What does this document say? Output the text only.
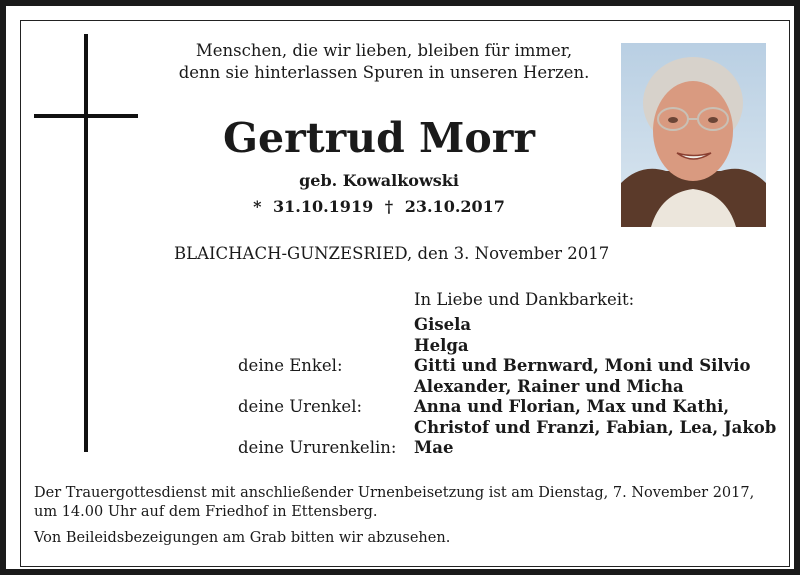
Menschen, die wir lieben, bleiben für immer,
denn sie hinterlassen Spuren in unseren Herzen.
Gertrud Morr
geb. Kowalkowski
* 31.10.1919 † 23.10.2017
BLAICHACH-GUNZESRIED, den 3. November 2017
In Liebe und Dankbarkeit:
Gisela
Helga
deine Enkel:	Gitti und Bernward, Moni und Silvio
Alexander, Rainer und Micha
deine Urenkel:	Anna und Florian, Max und Kathi,
Christof und Franzi, Fabian, Lea, Jakob
deine Ururenkelin: Mae

Der Trauergottesdienst mit anschließender Urnenbeisetzung ist am Dienstag, 7. November 2017,

um 14.00 Uhr auf dem Friedhof in Ettensberg.

Von Beileidsbezeigungen am Grab bitten wir abzusehen.
